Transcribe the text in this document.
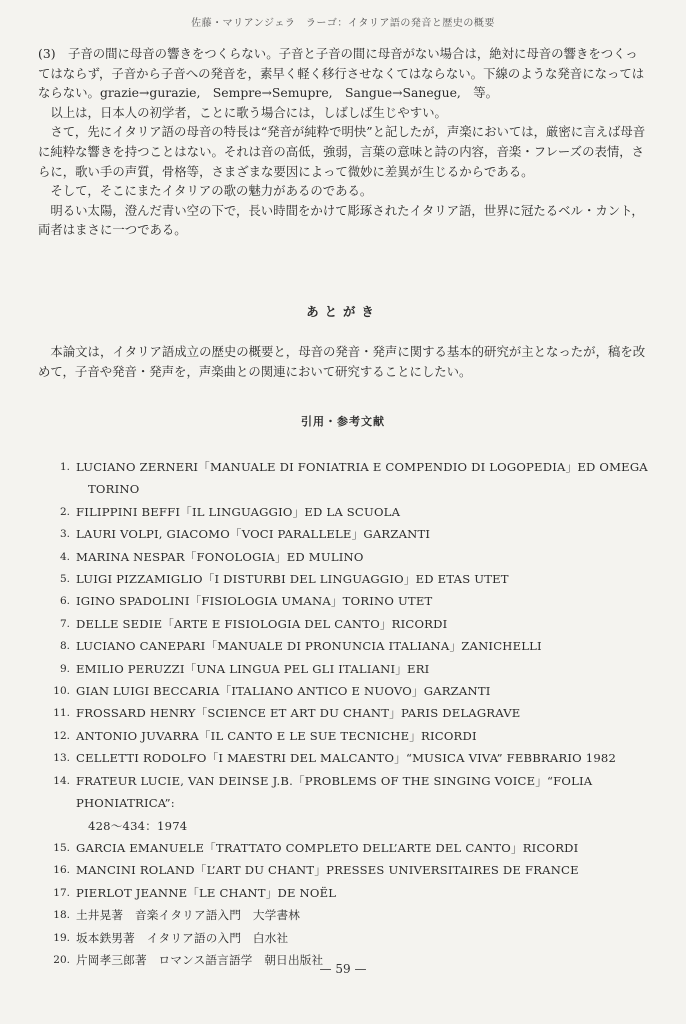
佐藤・マリアンジェラ　ラーゴ：イタリア語の発音と歴史の概要

(3)　子音の間に母音の響きをつくらない。子音と子音の間に母音がない場合は，絶対に母音の響きをつくってはならず，子音から子音への発音を，素早く軽く移行させなくてはならない。下線のような発音になってはならない。grazie→gurazie,　Sempre→Semupre,　Sangue→Sanegue,　等。

以上は，日本人の初学者，ことに歌う場合には，しばしば生じやすい。

さて，先にイタリア語の母音の特長は“発音が純粋で明快”と記したが，声楽においては，厳密に言えば母音に純粋な響きを持つことはない。それは音の高低，強弱，言葉の意味と詩の内容，音楽・フレーズの表情，さらに，歌い手の声質，骨格等，さまざまな要因によって微妙に差異が生じるからである。

そして，そこにまたイタリアの歌の魅力があるのである。

明るい太陽，澄んだ青い空の下で，長い時間をかけて彫琢されたイタリア語，世界に冠たるベル・カント，両者はまさに一つである。

あとがき

本論文は，イタリア語成立の歴史の概要と，母音の発音・発声に関する基本的研究が主となったが，稿を改めて，子音や発音・発声を，声楽曲との関連において研究することにしたい。

引用・参考文献
1. LUCIANO ZERNERI「MANUALE DI FONIATRIA E COMPENDIO DI LOGOPEDIA」ED OMEGA
TORINO
2. FILIPPINI BEFFI「IL LINGUAGGIO」ED LA SCUOLA
3. LAURI VOLPI, GIACOMO「VOCI PARALLELE」GARZANTI
4. MARINA NESPAR「FONOLOGIA」ED MULINO
5. LUIGI PIZZAMIGLIO「I DISTURBI DEL LINGUAGGIO」ED ETAS UTET
6. IGINO SPADOLINI「FISIOLOGIA UMANA」TORINO UTET
7. DELLE SEDIE「ARTE E FISIOLOGIA DEL CANTO」RICORDI
8. LUCIANO CANEPARI「MANUALE DI PRONUNCIA ITALIANA」ZANICHELLI
9. EMILIO PERUZZI「UNA LINGUA PEL GLI ITALIANI」ERI
10. GIAN LUIGI BECCARIA「ITALIANO ANTICO E NUOVO」GARZANTI
11. FROSSARD HENRY「SCIENCE ET ART DU CHANT」PARIS DELAGRAVE
12. ANTONIO JUVARRA「IL CANTO E LE SUE TECNICHE」RICORDI
13. CELLETTI RODOLFO「I MAESTRI DEL MALCANTO」“MUSICA VIVA” FEBBRARIO 1982
14. FRATEUR LUCIE, VAN DEINSE J.B.「PROBLEMS OF THE SINGING VOICE」“FOLIA PHONIATRICA”:
428〜434：1974
15. GARCIA EMANUELE「TRATTATO COMPLETO DELL’ARTE DEL CANTO」RICORDI
16. MANCINI ROLAND「L’ART DU CHANT」PRESSES UNIVERSITAIRES DE FRANCE
17. PIERLOT JEANNE「LE CHANT」DE NOËL
18. 土井晃著　音楽イタリア語入門　大学書林
19. 坂本鉄男著　イタリア語の入門　白水社
20. 片岡孝三郎著　ロマンス語言語学　朝日出版社
— 59 —
